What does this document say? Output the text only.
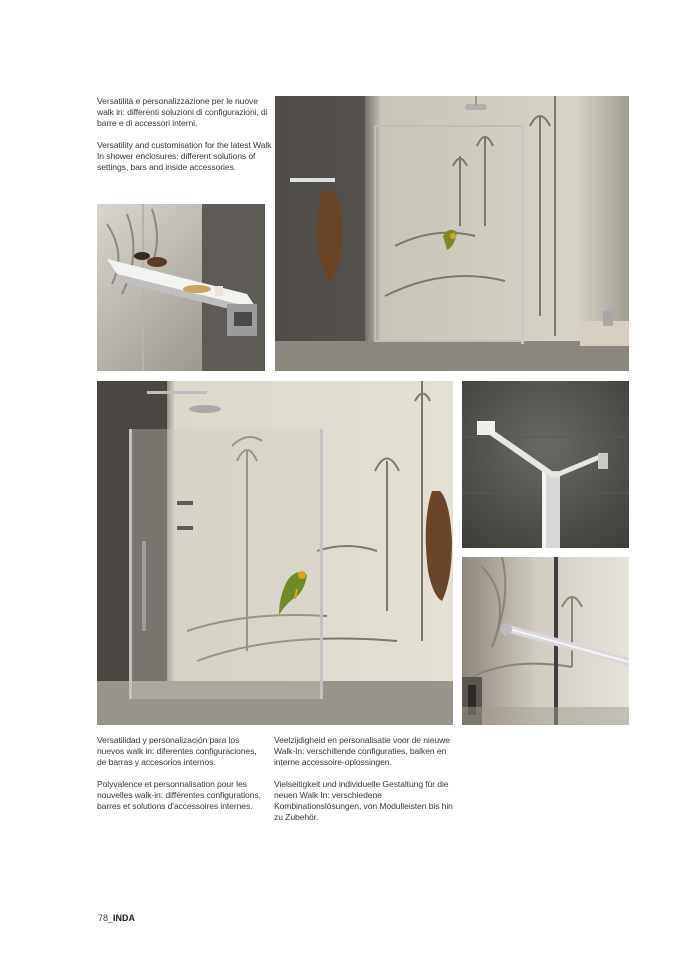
Versatilità e personalizzazione per le nuove walk in: differenti soluzioni di configurazioni, di barre e di accessori interni.

Versatility and customisation for the latest Walk In shower enclosures: different solutions of settings, bars and inside accessories.

Versatilidad y personalización para los nuevos walk in: diferentes configuraciones, de barras y accesorios internos.

Polyvalence et personnalisation pour les nouvelles walk-in: différentes configurations, barres et solutions d'accessoires internes.

Veelzijdigheid en personalisatie voor de nieuwe Walk-In: verschillende configuraties, balken en interne accessoire-oplossingen.

Vielseitigkeit und individuelle Gestaltung für die neuen Walk In: verschiedene Kombinationslösungen, von Modulleisten bis hin zu Zubehör.

78_INDA
